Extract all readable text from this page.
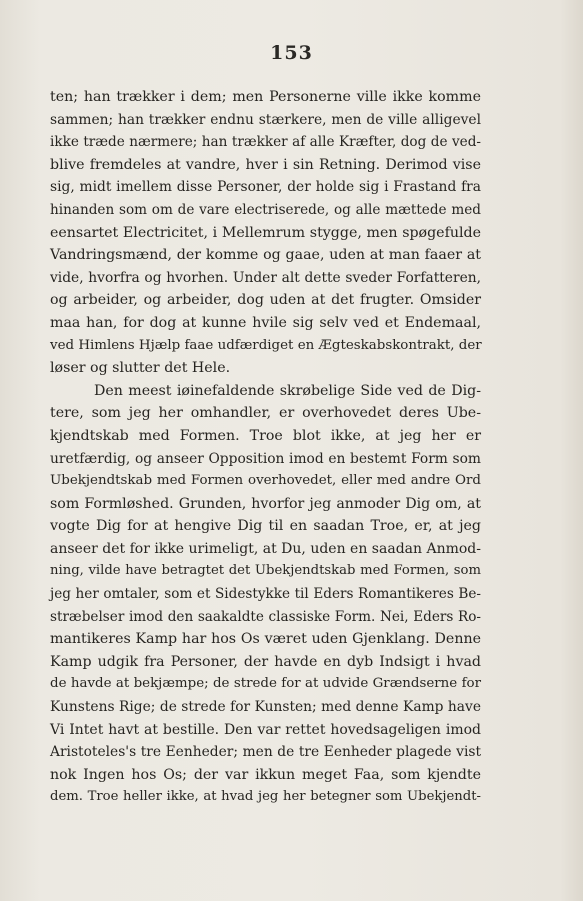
153
ten; han trækker i dem; men Personerne ville ikke komme
sammen; han trækker endnu stærkere, men de ville alligevel
ikke træde nærmere; han trækker af alle Kræfter, dog de ved-
blive fremdeles at vandre, hver i sin Retning. Derimod vise
sig, midt imellem disse Personer, der holde sig i Frastand fra
hinanden som om de vare electriserede, og alle mættede med
eensartet Electricitet, i Mellemrum stygge, men spøgefulde
Vandringsmænd, der komme og gaae, uden at man faaer at
vide, hvorfra og hvorhen. Under alt dette sveder Forfatteren,
og arbeider, og arbeider, dog uden at det frugter. Omsider
maa han, for dog at kunne hvile sig selv ved et Endemaal,
ved Himlens Hjælp faae udfærdiget en Ægteskabskontrakt, der
løser og slutter det Hele.
Den meest iøinefaldende skrøbelige Side ved de Dig-
tere, som jeg her omhandler, er overhovedet deres Ube-
kjendtskab med Formen. Troe blot ikke, at jeg her er
uretfærdig, og anseer Opposition imod en bestemt Form som
Ubekjendtskab med Formen overhovedet, eller med andre Ord
som Formløshed. Grunden, hvorfor jeg anmoder Dig om, at
vogte Dig for at hengive Dig til en saadan Troe, er, at jeg
anseer det for ikke urimeligt, at Du, uden en saadan Anmod-
ning, vilde have betragtet det Ubekjendtskab med Formen, som
jeg her omtaler, som et Sidestykke til Eders Romantikeres Be-
stræbelser imod den saakaldte classiske Form. Nei, Eders Ro-
mantikeres Kamp har hos Os været uden Gjenklang. Denne
Kamp udgik fra Personer, der havde en dyb Indsigt i hvad
de havde at bekjæmpe; de strede for at udvide Grændserne for
Kunstens Rige; de strede for Kunsten; med denne Kamp have
Vi Intet havt at bestille. Den var rettet hovedsageligen imod
Aristoteles's tre Eenheder; men de tre Eenheder plagede vist
nok Ingen hos Os; der var ikkun meget Faa, som kjendte
dem. Troe heller ikke, at hvad jeg her betegner som Ubekjendt-
